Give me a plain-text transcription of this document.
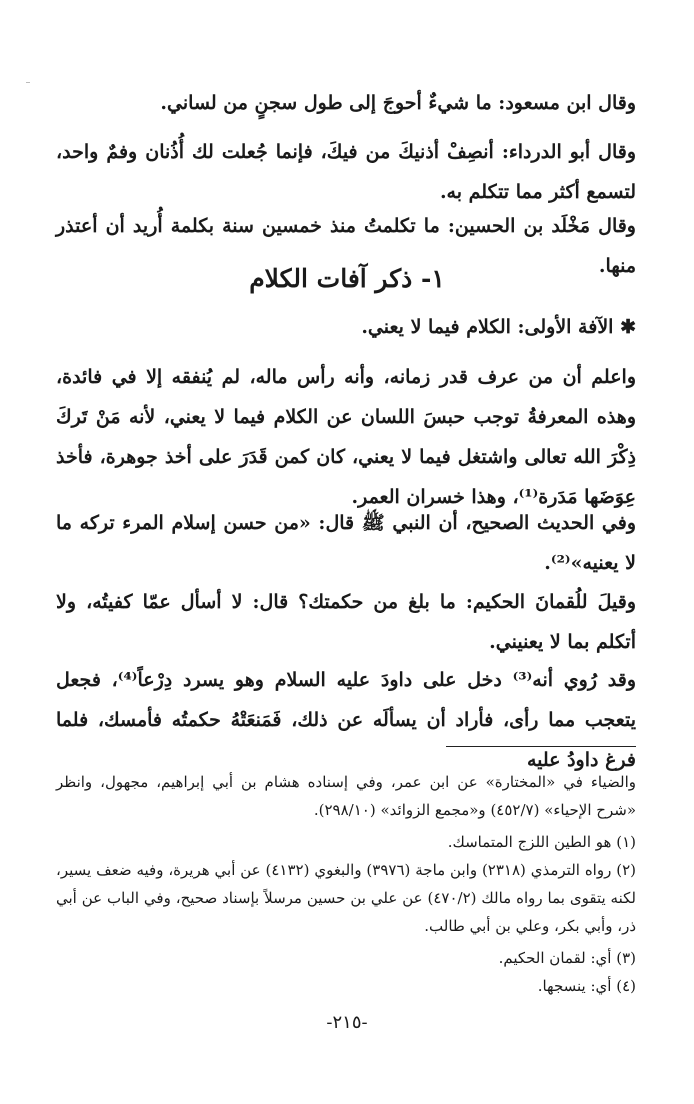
وقال ابن مسعود: ما شيءٌ أحوجَ إلى طول سجنٍ من لساني.

وقال أبو الدرداء: أنصِفْ أذنيكَ من فيكَ، فإنما جُعلت لك أُذُنان وفمٌ واحد، لتسمع أكثر مما تتكلم به.

وقال مَخْلَد بن الحسين: ما تكلمتُ منذ خمسين سنة بكلمة أُريد أن أعتذر منها.

١- ذكر آفات الكلام

✱ الآفة الأولى: الكلام فيما لا يعني.

واعلم أن من عرف قدر زمانه، وأنه رأس ماله، لم يُنفقه إلا في فائدة، وهذه المعرفةُ توجب حبسَ اللسان عن الكلام فيما لا يعني، لأنه مَنْ تَركَ ذِكْرَ الله تعالى واشتغل فيما لا يعني، كان كمن قَدَرَ على أخذ جوهرة، فأخذ عِوَضَها مَدَرة⁽¹⁾، وهذا خسران العمر.

وفي الحديث الصحيح، أن النبي ﷺ قال: «من حسن إسلام المرء تركه ما لا يعنيه»⁽²⁾.

وقيلَ للُقمانَ الحكيم: ما بلغ من حكمتك؟ قال: لا أسأل عمّا كفيتُه، ولا أتكلم بما لا يعنيني.

وقد رُوي أنه⁽³⁾ دخل على داودَ عليه السلام وهو يسرد دِرْعاً⁽⁴⁾، فجعل يتعجب مما رأى، فأراد أن يسألَه عن ذلك، فَمَنعَتْهُ حكمتُه فأمسك، فلما فرغ داودُ عليه

والضياء في «المختارة» عن ابن عمر، وفي إسناده هشام بن أبي إبراهيم، مجهول، وانظر «شرح الإحياء» (٤٥٢/٧) و«مجمع الزوائد» (٢٩٨/١٠).

(١) هو الطين اللزج المتماسك.

(٢) رواه الترمذي (٢٣١٨) وابن ماجة (٣٩٧٦) والبغوي (٤١٣٢) عن أبي هريرة، وفيه ضعف يسير، لكنه يتقوى بما رواه مالك (٤٧٠/٢) عن علي بن حسين مرسلاً بإسناد صحيح، وفي الباب عن أبي ذر، وأبي بكر، وعلي بن أبي طالب.

(٣) أي: لقمان الحكيم.

(٤) أي: ينسجها.

-٢١٥-
